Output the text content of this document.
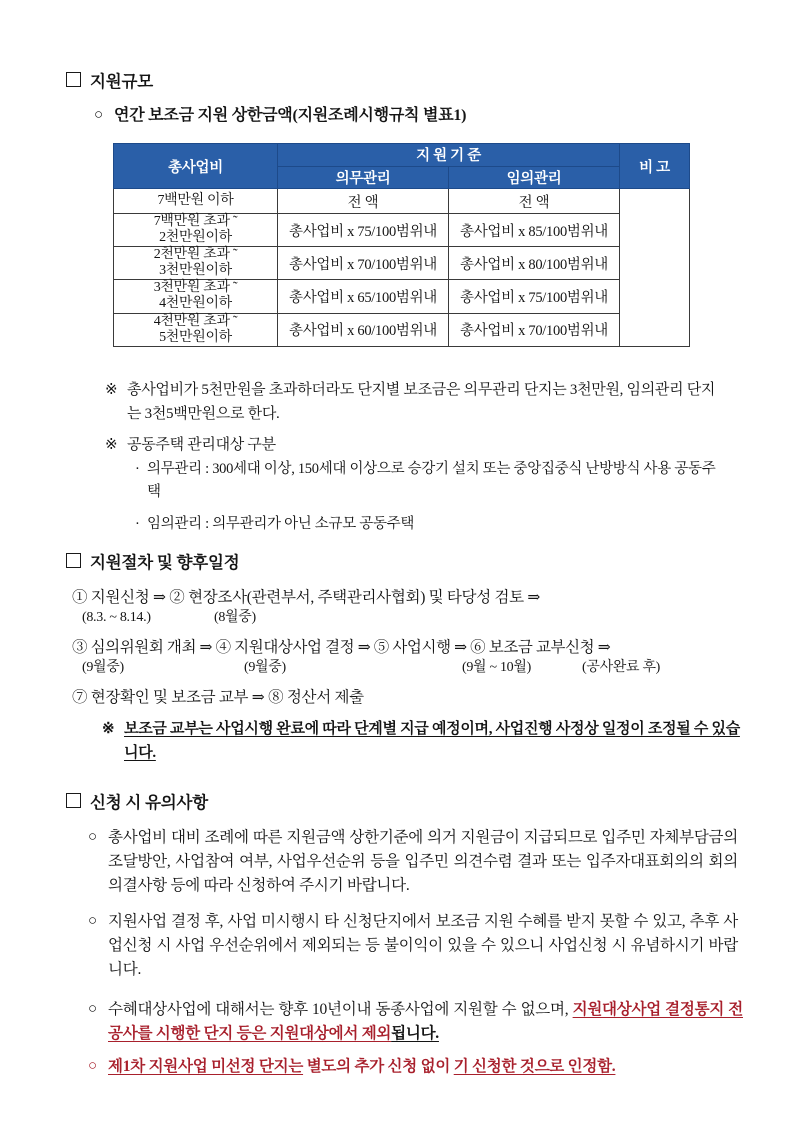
지원규모
○ 연간 보조금 지원 상한금액(지원조례시행규칙 별표1)
총사업비	지 원 기 준		비 고
	의무관리	임의관리	
7백만원 이하	전 액	전 액	
7백만원 초과 ˜
2천만원이하	총사업비 x 75/100범위내	총사업비 x 85/100범위내	
2천만원 초과 ˜
3천만원이하	총사업비 x 70/100범위내	총사업비 x 80/100범위내	
3천만원 초과 ˜
4천만원이하	총사업비 x 65/100범위내	총사업비 x 75/100범위내	
4천만원 초과 ˜
5천만원이하	총사업비 x 60/100범위내	총사업비 x 70/100범위내	
※ 총사업비가 5천만원을 초과하더라도 단지별 보조금은 의무관리 단지는 3천만원, 임의관리 단지는 3천5백만원으로 한다.
※ 공동주택 관리대상 구분
· 의무관리 : 300세대 이상, 150세대 이상으로 승강기 설치 또는 중앙집중식 난방방식 사용 공동주택
· 임의관리 : 의무관리가 아닌 소규모 공동주택
지원절차 및 향후일정
① 지원신청 ⇒ ② 현장조사(관련부서, 주택관리사협회) 및 타당성 검토 ⇒
(8.3. ~ 8.14.)	(8월중)
③ 심의위원회 개최 ⇒ ④ 지원대상사업 결정 ⇒ ⑤ 사업시행 ⇒ ⑥ 보조금 교부신청 ⇒
(9월중)	(9월중)	(9월 ~ 10월)	(공사완료 후)
⑦ 현장확인 및 보조금 교부 ⇒ ⑧ 정산서 제출
※ 보조금 교부는 사업시행 완료에 따라 단계별 지급 예정이며, 사업진행 사정상 일정이 조정될 수 있습니다.
신청 시 유의사항
○ 총사업비 대비 조례에 따른 지원금액 상한기준에 의거 지원금이 지급되므로 입주민 자체부담금의 조달방안, 사업참여 여부, 사업우선순위 등을 입주민 의견수렴 결과 또는 입주자대표회의의 회의 의결사항 등에 따라 신청하여 주시기 바랍니다.
○ 지원사업 결정 후, 사업 미시행시 타 신청단지에서 보조금 지원 수혜를 받지 못할 수 있고, 추후 사업신청 시 사업 우선순위에서 제외되는 등 불이익이 있을 수 있으니 사업신청 시 유념하시기 바랍니다.
○ 수혜대상사업에 대해서는 향후 10년이내 동종사업에 지원할 수 없으며, 지원대상사업 결정통지 전 공사를 시행한 단지 등은 지원대상에서 제외됩니다.
○ 제1차 지원사업 미선정 단지는 별도의 추가 신청 없이 기 신청한 것으로 인정함.
